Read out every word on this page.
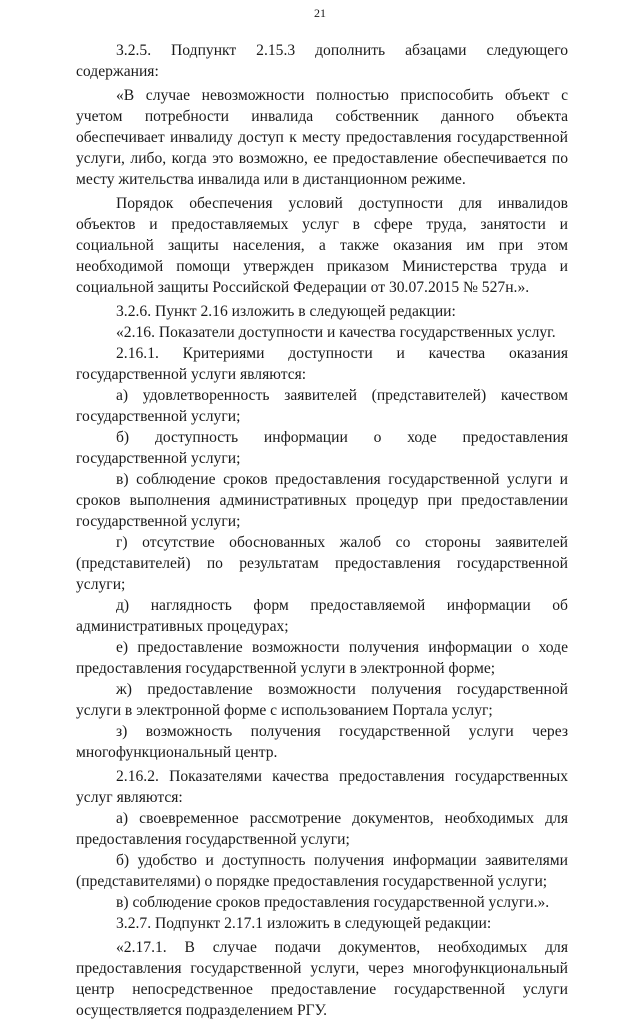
21

3.2.5. Подпункт 2.15.3 дополнить абзацами следующего содержания:

«В случае невозможности полностью приспособить объект с учетом потребности инвалида собственник данного объекта обеспечивает инвалиду доступ к месту предоставления государственной услуги, либо, когда это возможно, ее предоставление обеспечивается по месту жительства инвалида или в дистанционном режиме.

Порядок обеспечения условий доступности для инвалидов объектов и предоставляемых услуг в сфере труда, занятости и социальной защиты населения, а также оказания им при этом необходимой помощи утвержден приказом Министерства труда и социальной защиты Российской Федерации от 30.07.2015 № 527н.».

3.2.6. Пункт 2.16 изложить в следующей редакции:

«2.16. Показатели доступности и качества государственных услуг.

2.16.1. Критериями доступности и качества оказания государственной услуги являются:

а) удовлетворенность заявителей (представителей) качеством государственной услуги;

б) доступность информации о ходе предоставления государственной услуги;

в) соблюдение сроков предоставления государственной услуги и сроков выполнения административных процедур при предоставлении государственной услуги;

г) отсутствие обоснованных жалоб со стороны заявителей (представителей) по результатам предоставления государственной услуги;

д) наглядность форм предоставляемой информации об административных процедурах;

е) предоставление возможности получения информации о ходе предоставления государственной услуги в электронной форме;

ж) предоставление возможности получения государственной услуги в электронной форме с использованием Портала услуг;

з) возможность получения государственной услуги через многофункциональный центр.

2.16.2. Показателями качества предоставления государственных услуг являются:

а) своевременное рассмотрение документов, необходимых для предоставления государственной услуги;

б) удобство и доступность получения информации заявителями (представителями) о порядке предоставления государственной услуги;

в) соблюдение сроков предоставления государственной услуги.».

3.2.7. Подпункт 2.17.1 изложить в следующей редакции:

«2.17.1. В случае подачи документов, необходимых для предоставления государственной услуги, через многофункциональный центр непосредственное предоставление государственной услуги осуществляется подразделением РГУ.
